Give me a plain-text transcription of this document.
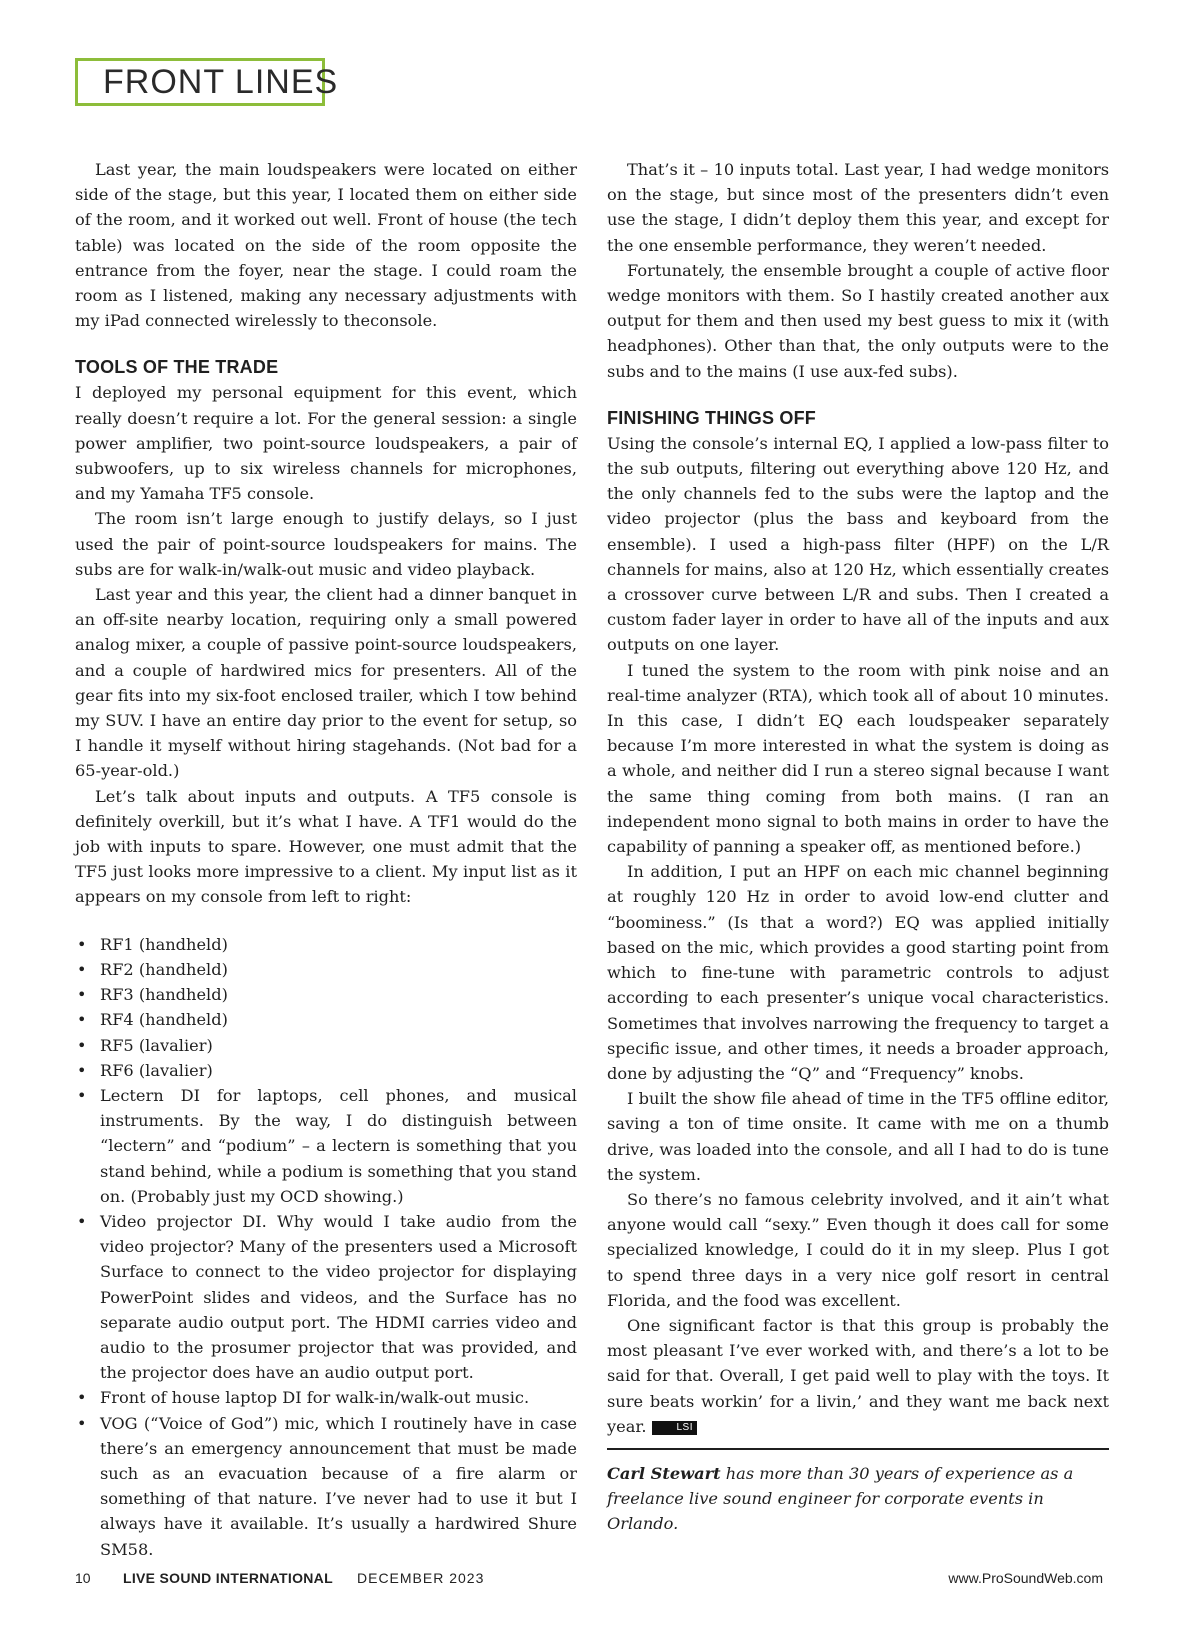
FRONT LINES

Last year, the main loudspeakers were located on either side of the stage, but this year, I located them on either side of the room, and it worked out well. Front of house (the tech table) was located on the side of the room opposite the entrance from the foyer, near the stage. I could roam the room as I listened, making any necessary adjustments with my iPad connected wirelessly to theconsole.

TOOLS OF THE TRADE

I deployed my personal equipment for this event, which really doesn’t require a lot. For the general session: a single power amplifier, two point-source loudspeakers, a pair of subwoofers, up to six wireless channels for microphones, and my Yamaha TF5 console.

The room isn’t large enough to justify delays, so I just used the pair of point-source loudspeakers for mains. The subs are for walk-in/walk-out music and video playback.

Last year and this year, the client had a dinner banquet in an off-site nearby location, requiring only a small powered analog mixer, a couple of passive point-source loudspeakers, and a couple of hardwired mics for presenters. All of the gear fits into my six-foot enclosed trailer, which I tow behind my SUV. I have an entire day prior to the event for setup, so I handle it myself without hiring stagehands. (Not bad for a 65-year-old.)

Let’s talk about inputs and outputs. A TF5 console is definitely overkill, but it’s what I have. A TF1 would do the job with inputs to spare. However, one must admit that the TF5 just looks more impressive to a client. My input list as it appears on my console from left to right:

• RF1 (handheld)
• RF2 (handheld)
• RF3 (handheld)
• RF4 (handheld)
• RF5 (lavalier)
• RF6 (lavalier)
• Lectern DI for laptops, cell phones, and musical instruments. By the way, I do distinguish between “lectern” and “podium” – a lectern is something that you stand behind, while a podium is something that you stand on. (Probably just my OCD showing.)
• Video projector DI. Why would I take audio from the video projector? Many of the presenters used a Microsoft Surface to connect to the video projector for displaying PowerPoint slides and videos, and the Surface has no separate audio output port. The HDMI carries video and audio to the prosumer projector that was provided, and the projector does have an audio output port.
• Front of house laptop DI for walk-in/walk-out music.
• VOG (“Voice of God”) mic, which I routinely have in case there’s an emergency announcement that must be made such as an evacuation because of a fire alarm or something of that nature. I’ve never had to use it but I always have it available. It’s usually a hardwired Shure SM58.

That’s it – 10 inputs total. Last year, I had wedge monitors on the stage, but since most of the presenters didn’t even use the stage, I didn’t deploy them this year, and except for the one ensemble performance, they weren’t needed.

Fortunately, the ensemble brought a couple of active floor wedge monitors with them. So I hastily created another aux output for them and then used my best guess to mix it (with headphones). Other than that, the only outputs were to the subs and to the mains (I use aux-fed subs).

FINISHING THINGS OFF

Using the console’s internal EQ, I applied a low-pass filter to the sub outputs, filtering out everything above 120 Hz, and the only channels fed to the subs were the laptop and the video projector (plus the bass and keyboard from the ensemble). I used a high-pass filter (HPF) on the L/R channels for mains, also at 120 Hz, which essentially creates a crossover curve between L/R and subs. Then I created a custom fader layer in order to have all of the inputs and aux outputs on one layer.

I tuned the system to the room with pink noise and an real-time analyzer (RTA), which took all of about 10 minutes. In this case, I didn’t EQ each loudspeaker separately because I’m more interested in what the system is doing as a whole, and neither did I run a stereo signal because I want the same thing coming from both mains. (I ran an independent mono signal to both mains in order to have the capability of panning a speaker off, as mentioned before.)

In addition, I put an HPF on each mic channel beginning at roughly 120 Hz in order to avoid low-end clutter and “boominess.” (Is that a word?) EQ was applied initially based on the mic, which provides a good starting point from which to fine-tune with parametric controls to adjust according to each presenter’s unique vocal characteristics. Sometimes that involves narrowing the frequency to target a specific issue, and other times, it needs a broader approach, done by adjusting the “Q” and “Frequency” knobs.

I built the show file ahead of time in the TF5 offline editor, saving a ton of time onsite. It came with me on a thumb drive, was loaded into the console, and all I had to do is tune the system.

So there’s no famous celebrity involved, and it ain’t what anyone would call “sexy.” Even though it does call for some specialized knowledge, I could do it in my sleep. Plus I got to spend three days in a very nice golf resort in central Florida, and the food was excellent.

One significant factor is that this group is probably the most pleasant I’ve ever worked with, and there’s a lot to be said for that. Overall, I get paid well to play with the toys. It sure beats workin’ for a livin,’ and they want me back next year.	LSI

Carl Stewart has more than 30 years of experience as a freelance live sound engineer for corporate events in Orlando.

10 LIVE SOUND INTERNATIONAL DECEMBER 2023	www.ProSoundWeb.com
